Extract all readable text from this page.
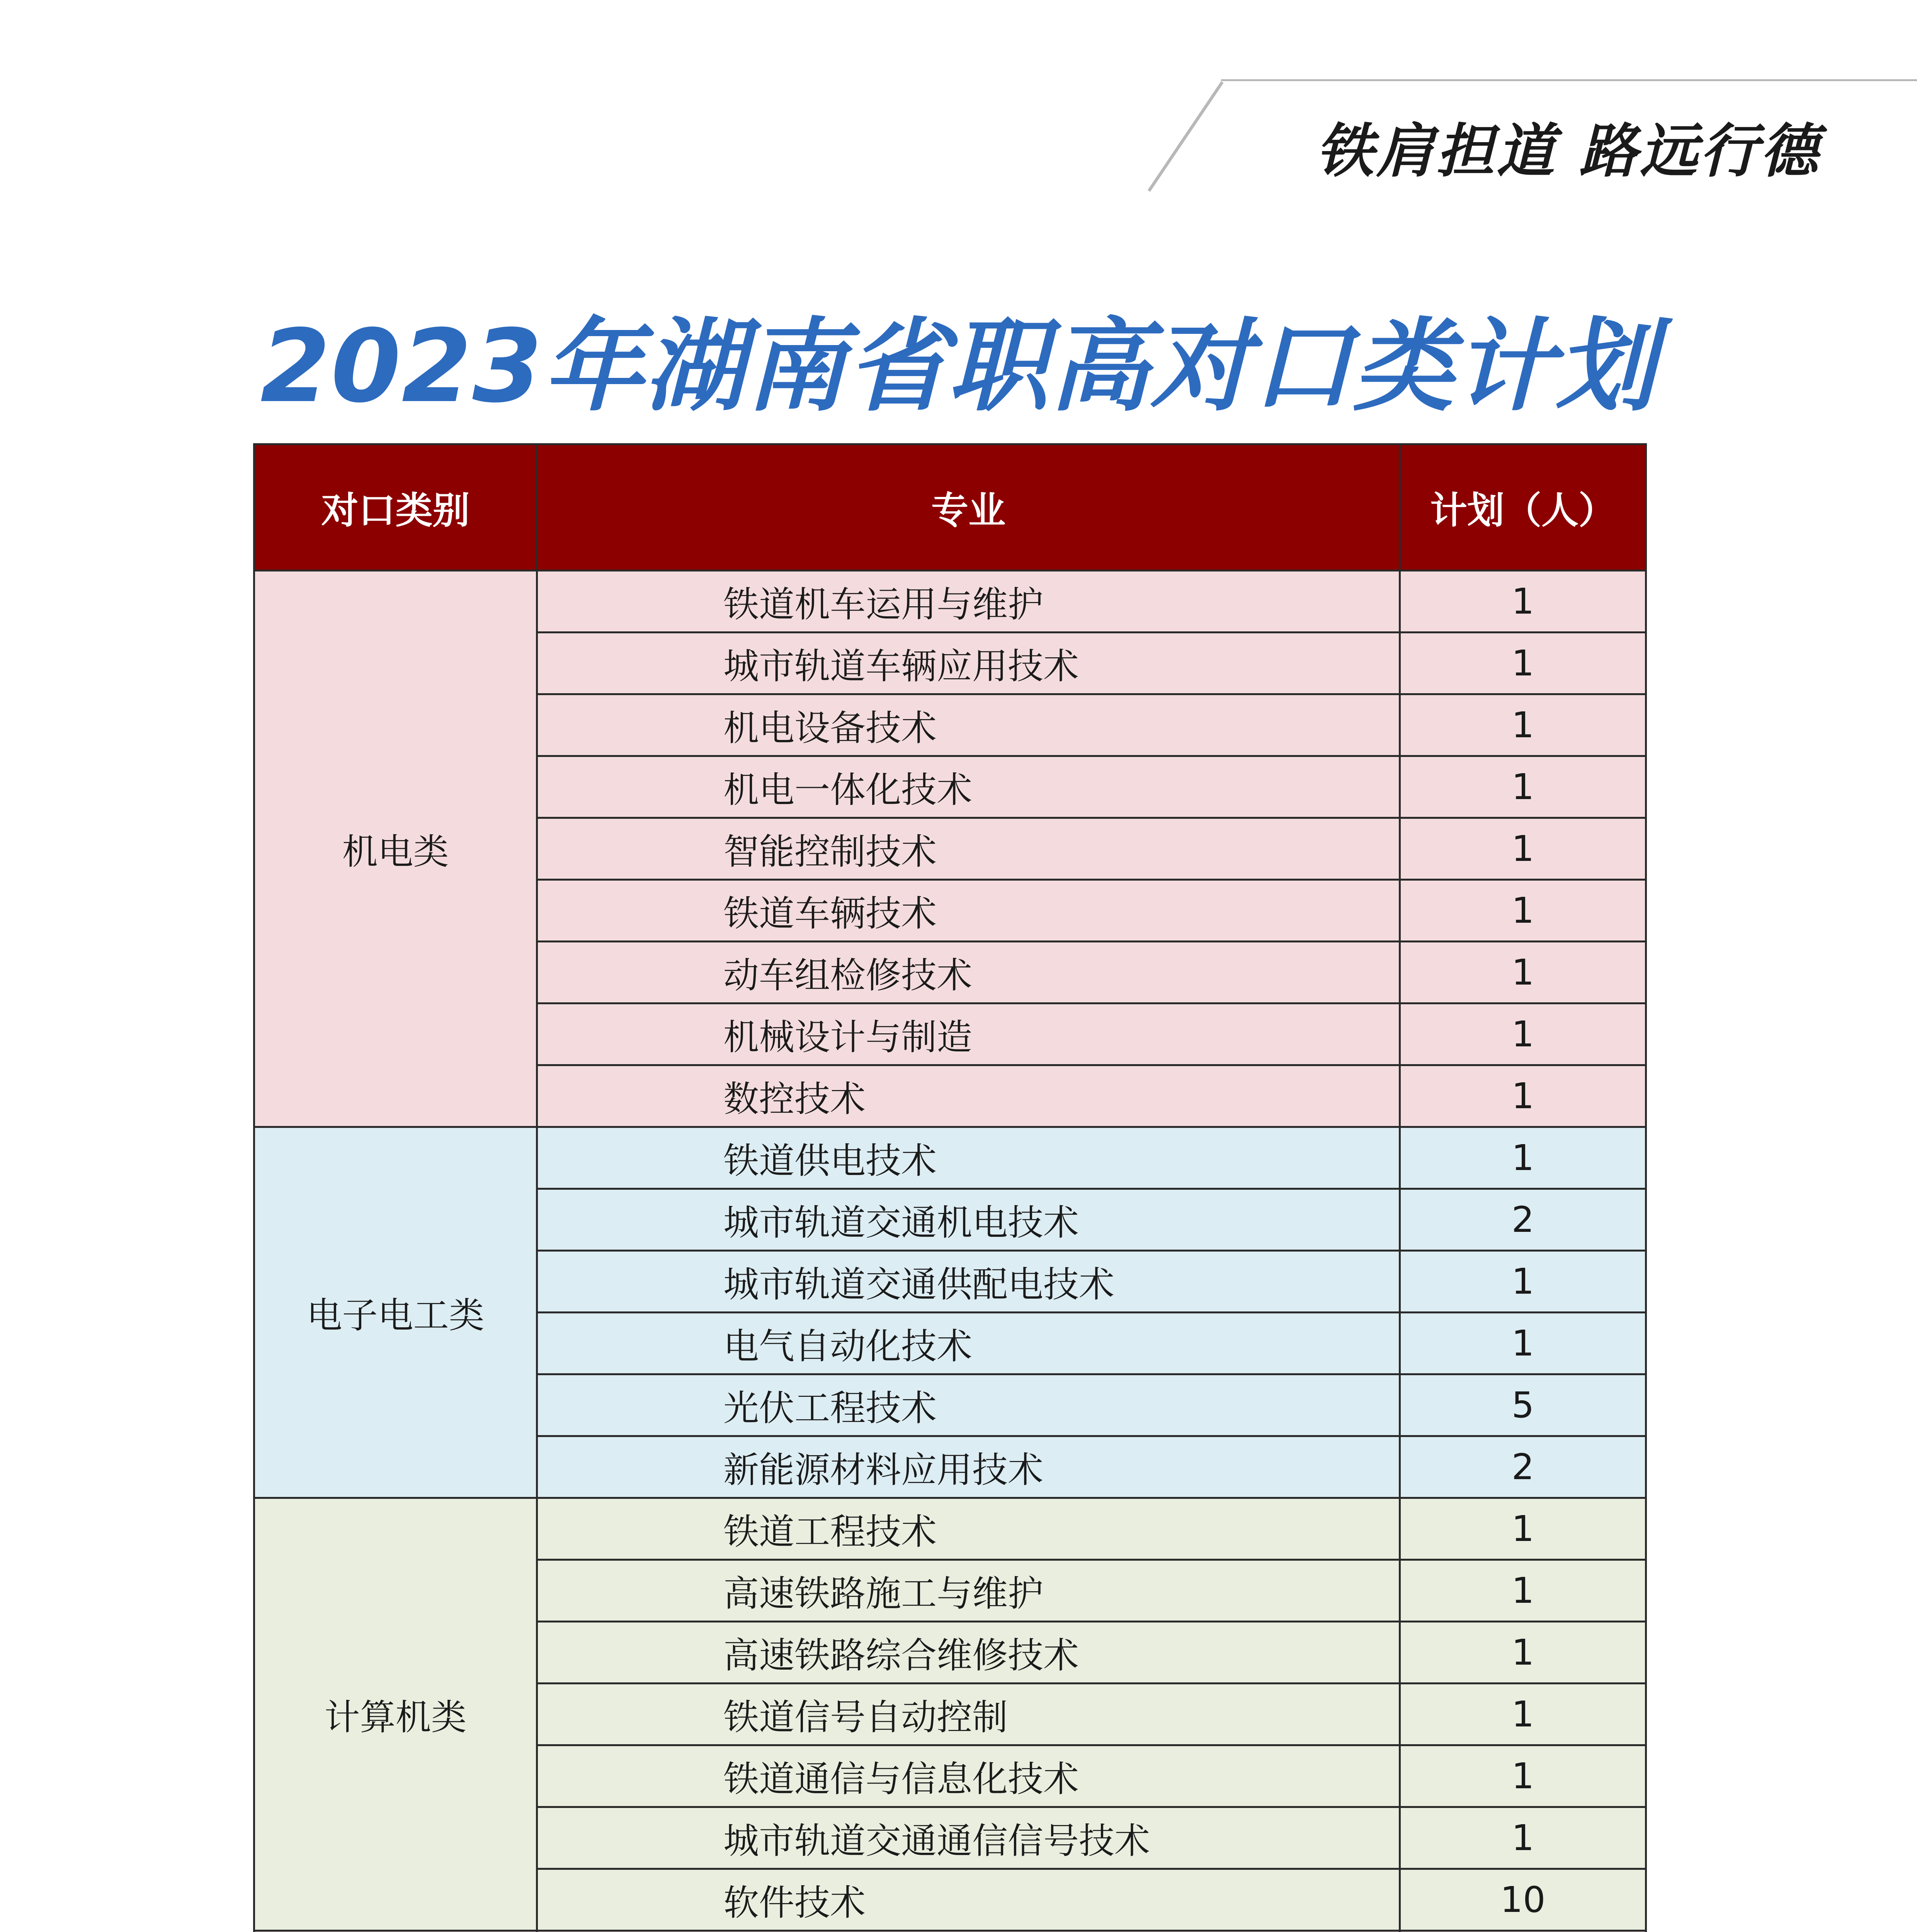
铁肩担道 路远行德
2023年湖南省职高对口类计划
对口类别	专业	计划（人）
机电类	铁道机车运用与维护	1
	城市轨道车辆应用技术	1
	机电设备技术	1
	机电一体化技术	1
	智能控制技术	1
	铁道车辆技术	1
	动车组检修技术	1
	机械设计与制造	1
	数控技术	1
电子电工类	铁道供电技术	1
	城市轨道交通机电技术	2
	城市轨道交通供配电技术	1
	电气自动化技术	1
	光伏工程技术	5
	新能源材料应用技术	2
计算机类	铁道工程技术	1
	高速铁路施工与维护	1
	高速铁路综合维修技术	1
	铁道信号自动控制	1
	铁道通信与信息化技术	1
	城市轨道交通通信信号技术	1
	软件技术	10
